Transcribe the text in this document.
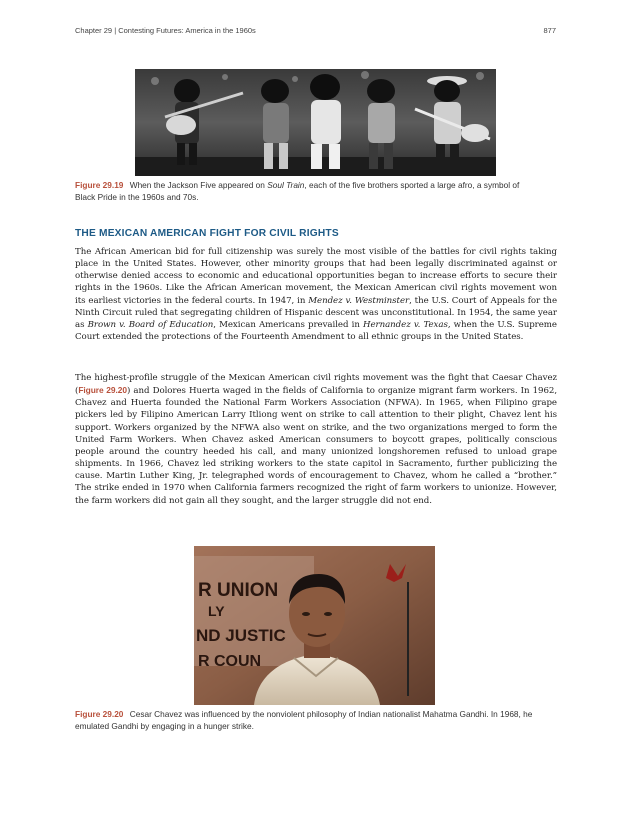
Chapter 29 | Contesting Futures: America in the 1960s	877
Figure 29.19 When the Jackson Five appeared on Soul Train, each of the five brothers sported a large afro, a symbol of Black Pride in the 1960s and 70s.
THE MEXICAN AMERICAN FIGHT FOR CIVIL RIGHTS

The African American bid for full citizenship was surely the most visible of the battles for civil rights taking place in the United States. However, other minority groups that had been legally discriminated against or otherwise denied access to economic and educational opportunities began to increase efforts to secure their rights in the 1960s. Like the African American movement, the Mexican American civil rights movement won its earliest victories in the federal courts. In 1947, in Mendez v. Westminster, the U.S. Court of Appeals for the Ninth Circuit ruled that segregating children of Hispanic descent was unconstitutional. In 1954, the same year as Brown v. Board of Education, Mexican Americans prevailed in Hernandez v. Texas, when the U.S. Supreme Court extended the protections of the Fourteenth Amendment to all ethnic groups in the United States.

The highest-profile struggle of the Mexican American civil rights movement was the fight that Caesar Chavez (Figure 29.20) and Dolores Huerta waged in the fields of California to organize migrant farm workers. In 1962, Chavez and Huerta founded the National Farm Workers Association (NFWA). In 1965, when Filipino grape pickers led by Filipino American Larry Itliong went on strike to call attention to their plight, Chavez lent his support. Workers organized by the NFWA also went on strike, and the two organizations merged to form the United Farm Workers. When Chavez asked American consumers to boycott grapes, politically conscious people around the country heeded his call, and many unionized longshoremen refused to unload grape shipments. In 1966, Chavez led striking workers to the state capitol in Sacramento, further publicizing the cause. Martin Luther King, Jr. telegraphed words of encouragement to Chavez, whom he called a “brother.” The strike ended in 1970 when California farmers recognized the right of farm workers to unionize. However, the farm workers did not gain all they sought, and the larger struggle did not end.

R UNION
LY
ND JUSTIC
R COUN
Figure 29.20 Cesar Chavez was influenced by the nonviolent philosophy of Indian nationalist Mahatma Gandhi. In 1968, he emulated Gandhi by engaging in a hunger strike.
